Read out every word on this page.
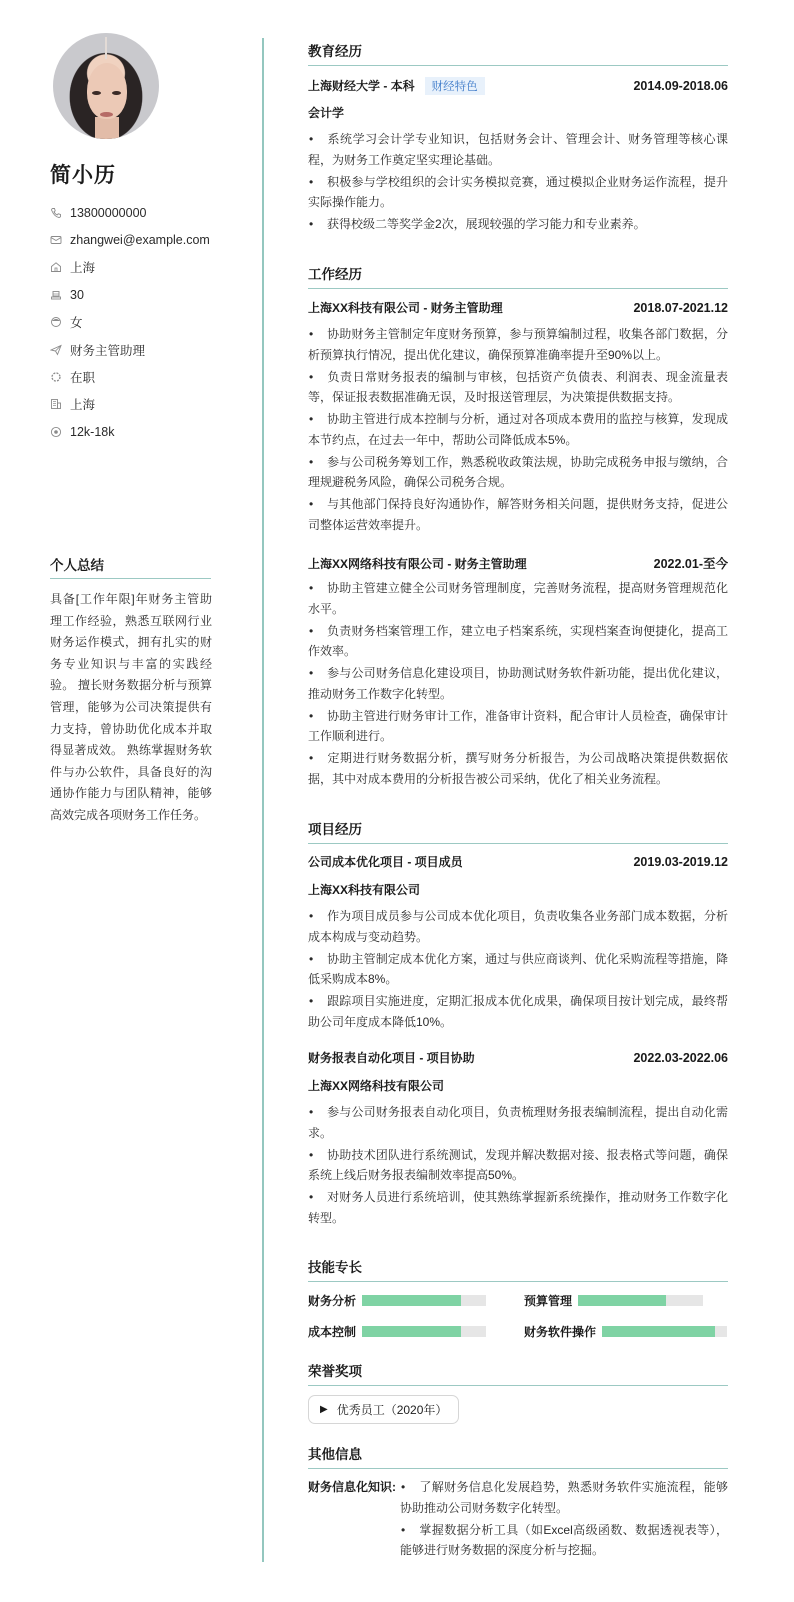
简小历
13800000000
zhangwei@example.com
上海
30
女
财务主管助理
在职
上海
12k-18k
个人总结
具备[工作年限]年财务主管助理工作经验，熟悉互联网行业财务运作模式，拥有扎实的财务专业知识与丰富的实践经验。 擅长财务数据分析与预算管理，能够为公司决策提供有力支持，曾协助优化成本并取得显著成效。 熟练掌握财务软件与办公软件，具备良好的沟通协作能力与团队精神，能够高效完成各项财务工作任务。
教育经历
上海财经大学 - 本科 财经特色	2014.09-2018.06
会计学
• 系统学习会计学专业知识，包括财务会计、管理会计、财务管理等核心课程，为财务工作奠定坚实理论基础。
• 积极参与学校组织的会计实务模拟竞赛，通过模拟企业财务运作流程，提升实际操作能力。
• 获得校级二等奖学金2次，展现较强的学习能力和专业素养。
工作经历
上海XX科技有限公司 - 财务主管助理	2018.07-2021.12
• 协助财务主管制定年度财务预算，参与预算编制过程，收集各部门数据，分析预算执行情况，提出优化建议，确保预算准确率提升至90%以上。
• 负责日常财务报表的编制与审核，包括资产负债表、利润表、现金流量表等，保证报表数据准确无误，及时报送管理层，为决策提供数据支持。
• 协助主管进行成本控制与分析，通过对各项成本费用的监控与核算，发现成本节约点，在过去一年中，帮助公司降低成本5%。
• 参与公司税务筹划工作，熟悉税收政策法规，协助完成税务申报与缴纳，合理规避税务风险，确保公司税务合规。
• 与其他部门保持良好沟通协作，解答财务相关问题，提供财务支持，促进公司整体运营效率提升。
上海XX网络科技有限公司 - 财务主管助理	2022.01-至今
• 协助主管建立健全公司财务管理制度，完善财务流程，提高财务管理规范化水平。
• 负责财务档案管理工作，建立电子档案系统，实现档案查询便捷化，提高工作效率。
• 参与公司财务信息化建设项目，协助测试财务软件新功能，提出优化建议，推动财务工作数字化转型。
• 协助主管进行财务审计工作，准备审计资料，配合审计人员检查，确保审计工作顺利进行。
• 定期进行财务数据分析，撰写财务分析报告，为公司战略决策提供数据依据，其中对成本费用的分析报告被公司采纳，优化了相关业务流程。
项目经历
公司成本优化项目 - 项目成员	2019.03-2019.12
上海XX科技有限公司
• 作为项目成员参与公司成本优化项目，负责收集各业务部门成本数据，分析成本构成与变动趋势。
• 协助主管制定成本优化方案，通过与供应商谈判、优化采购流程等措施，降低采购成本8%。
• 跟踪项目实施进度，定期汇报成本优化成果，确保项目按计划完成，最终帮助公司年度成本降低10%。
财务报表自动化项目 - 项目协助	2022.03-2022.06
上海XX网络科技有限公司
• 参与公司财务报表自动化项目，负责梳理财务报表编制流程，提出自动化需求。
• 协助技术团队进行系统测试，发现并解决数据对接、报表格式等问题，确保系统上线后财务报表编制效率提高50%。
• 对财务人员进行系统培训，使其熟练掌握新系统操作，推动财务工作数字化转型。
技能专长
财务分析	预算管理
成本控制	财务软件操作
荣誉奖项
▶ 优秀员工（2020年）
其他信息
财务信息化知识:	• 了解财务信息化发展趋势，熟悉财务软件实施流程，能够协助推动公司财务数字化转型。
• 掌握数据分析工具（如Excel高级函数、数据透视表等），能够进行财务数据的深度分析与挖掘。
